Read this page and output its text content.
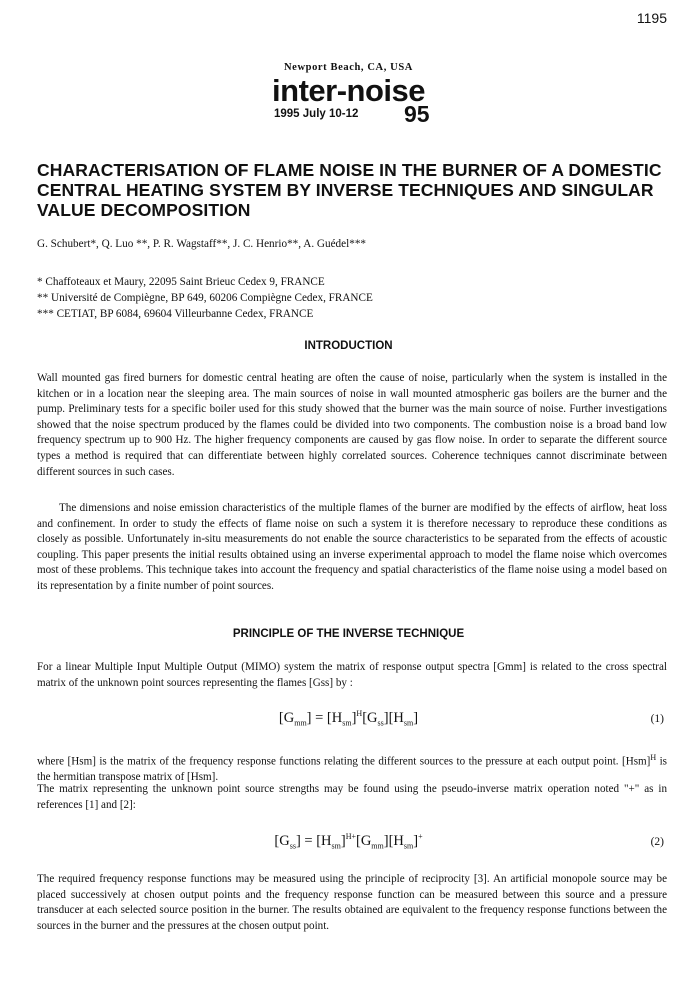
1195
Newport Beach, CA, USA
inter-noise
1995 July 10-12 95
CHARACTERISATION OF FLAME NOISE IN THE BURNER OF A DOMESTIC CENTRAL HEATING SYSTEM BY INVERSE TECHNIQUES AND SINGULAR VALUE DECOMPOSITION
G. Schubert*, Q. Luo **, P. R. Wagstaff**, J. C. Henrio**, A. Guédel***
* Chaffoteaux et Maury, 22095 Saint Brieuc Cedex 9, FRANCE
** Université de Compiègne, BP 649, 60206 Compiègne Cedex, FRANCE
*** CETIAT, BP 6084, 69604 Villeurbanne Cedex, FRANCE
INTRODUCTION

Wall mounted gas fired burners for domestic central heating are often the cause of noise, particularly when the system is installed in the kitchen or in a location near the sleeping area. The main sources of noise in wall mounted atmospheric gas boilers are the burner and the pump. Preliminary tests for a specific boiler used for this study showed that the burner was the main source of noise. Further investigations showed that the noise spectrum produced by the flames could be divided into two components. The combustion noise is a broad band low frequency spectrum up to 900 Hz. The higher frequency components are caused by gas flow noise. In order to separate the different source types a method is required that can differentiate between highly correlated sources. Coherence techniques cannot discriminate between different sources in such cases.

The dimensions and noise emission characteristics of the multiple flames of the burner are modified by the effects of airflow, heat loss and confinement. In order to study the effects of flame noise on such a system it is therefore necessary to reproduce these conditions as closely as possible. Unfortunately in-situ measurements do not enable the source characteristics to be separated from the effects of acoustic coupling. This paper presents the initial results obtained using an inverse experimental approach to model the flame noise which overcomes most of these problems. This technique takes into account the frequency and spatial characteristics of the flame noise using a model based on its representation by a finite number of point sources.

PRINCIPLE OF THE INVERSE TECHNIQUE

For a linear Multiple Input Multiple Output (MIMO) system the matrix of response output spectra [Gmm] is related to the cross spectral matrix of the unknown point sources representing the flames [Gss] by :

$[G_{mm}] = [H_{sm}]^H[G_{ss}][H_{sm}]$	(1)

where [Hsm] is the matrix of the frequency response functions relating the different sources to the pressure at each output point. [Hsm]$^H$ is the hermitian transpose matrix of [Hsm].

The matrix representing the unknown point source strengths may be found using the pseudo-inverse matrix operation noted "+" as in references [1] and [2]:

$[G_{ss}] = [H_{sm}]^{H+}[G_{mm}][H_{sm}]^+$	(2)

The required frequency response functions may be measured using the principle of reciprocity [3]. An artificial monopole source may be placed successively at chosen output points and the frequency response function can be measured between this source and a pressure transducer at each selected source position in the burner. The results obtained are equivalent to the frequency response functions between the sources in the burner and the pressures at the chosen output point.
